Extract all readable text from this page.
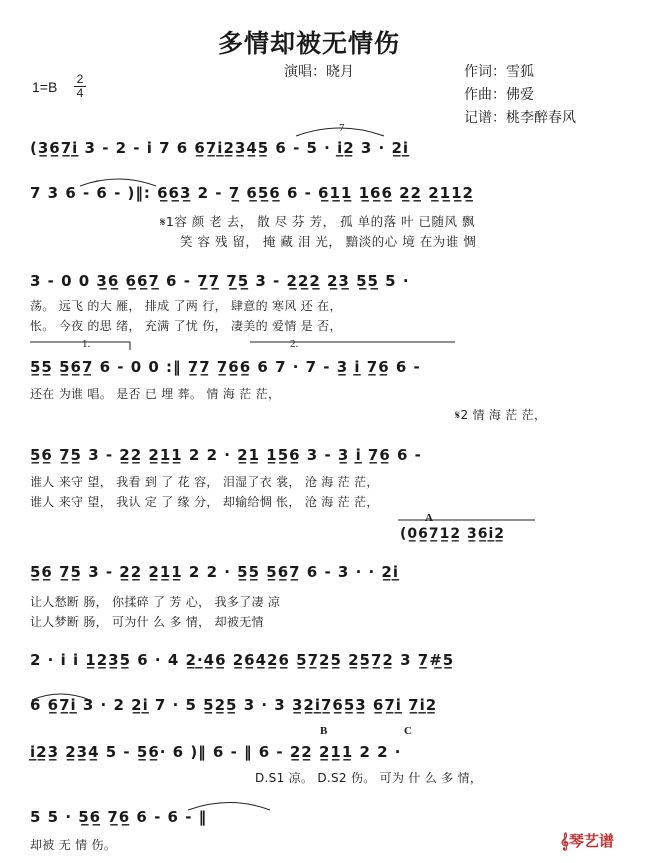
多情却被无情伤
演唱：晓月	作词：雪狐
作曲：佛爱
记谱：桃李醉春风
1=B 2
4
(3̲6̲7̲i̲ 3 - 2 - i 7 6 6̲7̲i̲2̲3̲4̲5̲ 6 - 5 · i̲2̲ 3 · 2̲i̲
7 3 6 - 6 - )‖: 6̲6̲3̲ 2 - 7̲ 6̲5̲6̲ 6 - 6̲1̲1̲ 1̲6̲6̲ 2̲2̲ 2̲1̲1̲2̲
𝄋1容 颜 老 去， 散 尽 芬 芳， 孤 单的落 叶 已随风 飘
笑 容 残 留， 掩 藏 泪 光， 黯淡的心 境 在为谁 惆
3 - 0 0 3̲6̲ 6̲6̲7̲ 6 - 7̲7̲ 7̲5̲ 3 - 2̲2̲2̲ 2̲3̲ 5̲5̲ 5 ·
荡。 远飞 的大 雁， 排成 了两 行， 肆意的 寒风 还 在，
怅。 今夜 的思 绪， 充满 了忧 伤， 凄美的 爱情 是 否，
5̲5̲ 5̲6̲7̲ 6 - 0 0 :‖ 7̲7̲ 7̲6̲6̲ 6 7 · 7 - 3̲ i̲ 7̲6̲ 6 -
还在 为谁 唱。 是否 已 埋 葬。 情 海 茫 茫，
𝄋2 情 海 茫 茫，
5̲6̲ 7̲5̲ 3 - 2̲2̲ 2̲1̲1̲ 2 2 · 2̲1̲ 1̲5̲6̲ 3 - 3̲ i̲ 7̲6̲ 6 -
谁人 来守 望， 我看 到 了 花 容， 泪湿了衣 裳， 沧 海 茫 茫，
谁人 来守 望， 我认 定 了 缘 分， 却输给惆 怅， 沧 海 茫 茫，
(0̲6̲7̲1̲2̲ 3̲6̲i̲2̲
5̲6̲ 7̲5̲ 3 - 2̲2̲ 2̲1̲1̲ 2 2 · 5̲5̲ 5̲6̲7̲ 6 - 3 · · 2̲i̲
让人愁断 肠， 你揉碎 了 芳 心， 我多了凄 凉
让人梦断 肠， 可为什 么 多 情， 却被无情
2 · i i 1̲2̲3̲5̲ 6 · 4 2̲·̲4̲6̲ 2̲6̲4̲2̲6̲ 5̲7̲2̲5̲ 2̲5̲7̲2̲ 3 7̲#̲5̲
6 6̲7̲i̲ 3 · 2 2̲i̲ 7 · 5 5̲2̲5̲ 3 · 3 3̲2̲i̲7̲6̲5̲3̲ 6̲7̲i̲ 7̲i̲2̲
i̲2̲3̲ 2̲3̲4̲ 5 - 5̲6̲· 6 )‖ 6 - ‖ 6 - 2̲2̲ 2̲1̲1̲ 2 2 ·
D.S1 凉。 D.S2 伤。 可为 什 么 多 情，
5 5 · 5̲6̲ 7̲6̲ 6 - 6 - ‖
却被 无 情 伤。
7
1.	2.
A
B	C
𝄞琴艺谱
